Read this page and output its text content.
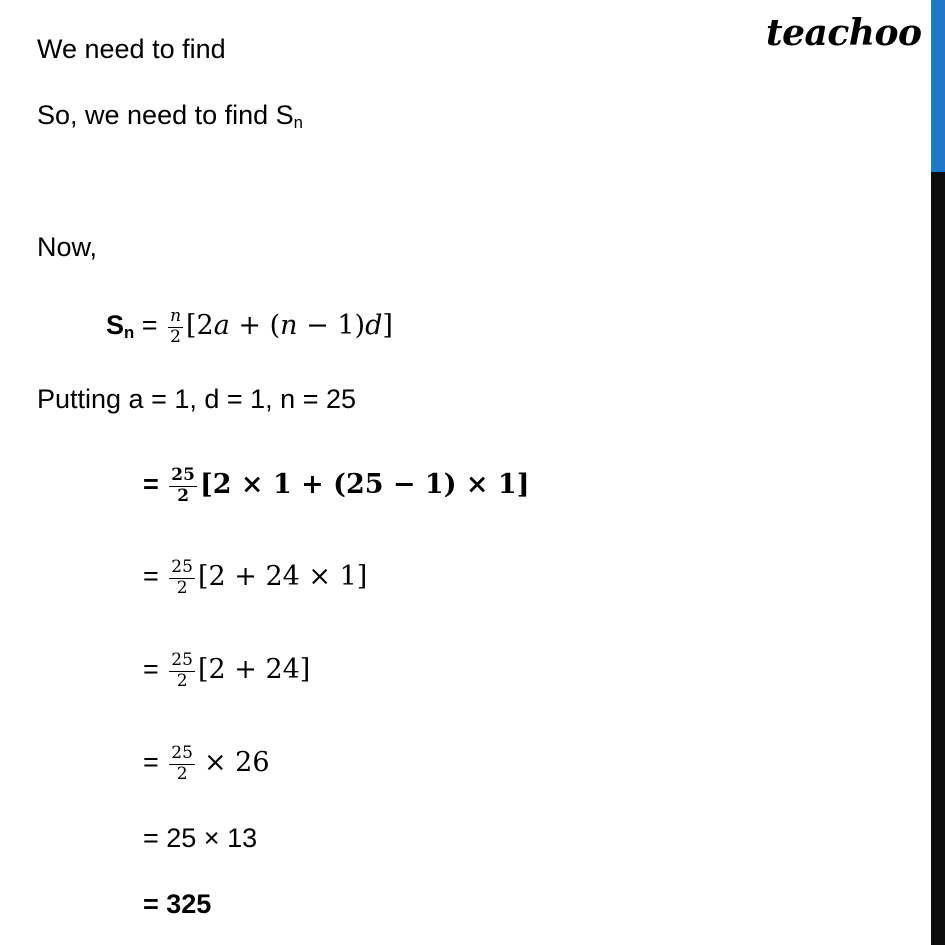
teachoo
We need to find
So, we need to find $S_n$
Now,
$S_n = \frac{n}{2} [2a + (n - 1)d]$
Putting a = 1, d = 1, n = 25
= $\frac{25}{2} [2 \times 1 + (25 - 1) \times 1]$
= $\frac{25}{2} [2 + 24 \times 1]$
= $\frac{25}{2} [2 + 24]$
= $\frac{25}{2} \times 26$
= 25 × 13
= 325
